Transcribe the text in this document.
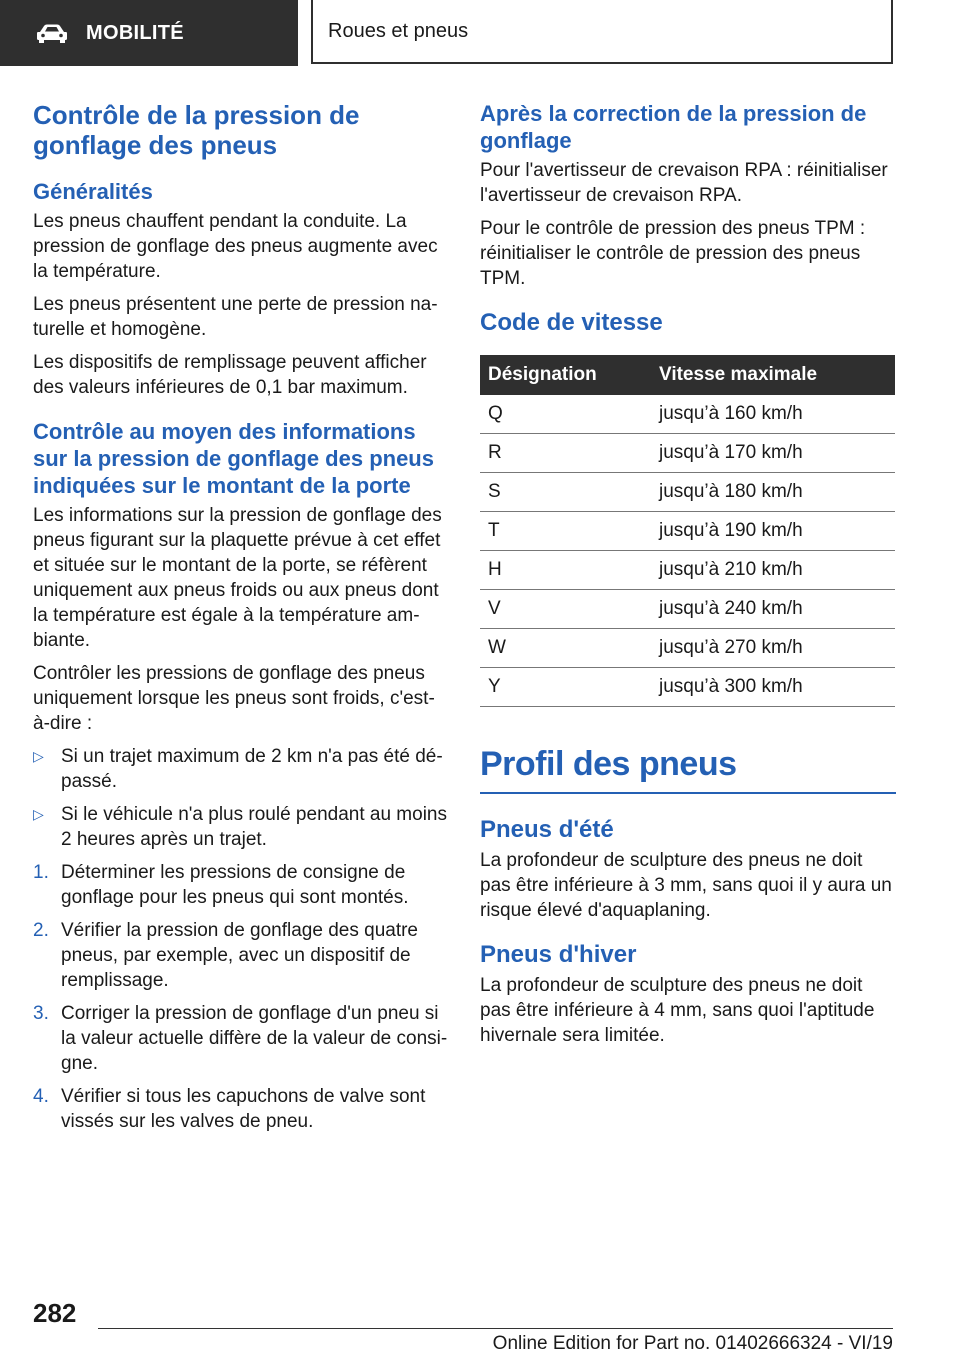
MOBILITÉ	Roues et pneus
Contrôle de la pression de gonflage des pneus
Généralités

Les pneus chauffent pendant la conduite. La pression de gonflage des pneus augmente avec la température.

Les pneus présentent une perte de pression naturelle et homogène.

Les dispositifs de remplissage peuvent afficher des valeurs inférieures de 0,1 bar maximum.

Contrôle au moyen des informations sur la pression de gonflage des pneus indiquées sur le montant de la porte

Les informations sur la pression de gonflage des pneus figurant sur la plaquette prévue à cet effet et située sur le montant de la porte, se réfèrent uniquement aux pneus froids ou aux pneus dont la température est égale à la température ambiante.

Contrôler les pressions de gonflage des pneus uniquement lorsque les pneus sont froids, c'est-à-dire :

▷ Si un trajet maximum de 2 km n'a pas été dépassé.
▷ Si le véhicule n'a plus roulé pendant au moins 2 heures après un trajet.
1. Déterminer les pressions de consigne de gonflage pour les pneus qui sont montés.
2. Vérifier la pression de gonflage des quatre pneus, par exemple, avec un dispositif de remplissage.
3. Corriger la pression de gonflage d'un pneu si la valeur actuelle diffère de la valeur de consigne.
4. Vérifier si tous les capuchons de valve sont vissés sur les valves de pneu.
Après la correction de la pression de gonflage

Pour l'avertisseur de crevaison RPA : réinitialiser l'avertisseur de crevaison RPA.

Pour le contrôle de pression des pneus TPM : réinitialiser le contrôle de pression des pneus TPM.

Code de vitesse
Désignation	Vitesse maximale
Q	jusqu’à 160 km/h
R	jusqu’à 170 km/h
S	jusqu’à 180 km/h
T	jusqu’à 190 km/h
H	jusqu’à 210 km/h
V	jusqu’à 240 km/h
W	jusqu’à 270 km/h
Y	jusqu’à 300 km/h
Profil des pneus
Pneus d'été

La profondeur de sculpture des pneus ne doit pas être inférieure à 3 mm, sans quoi il y aura un risque élevé d'aquaplaning.

Pneus d'hiver

La profondeur de sculpture des pneus ne doit pas être inférieure à 4 mm, sans quoi l'aptitude hivernale sera limitée.

282
Online Edition for Part no. 01402666324 - VI/19
